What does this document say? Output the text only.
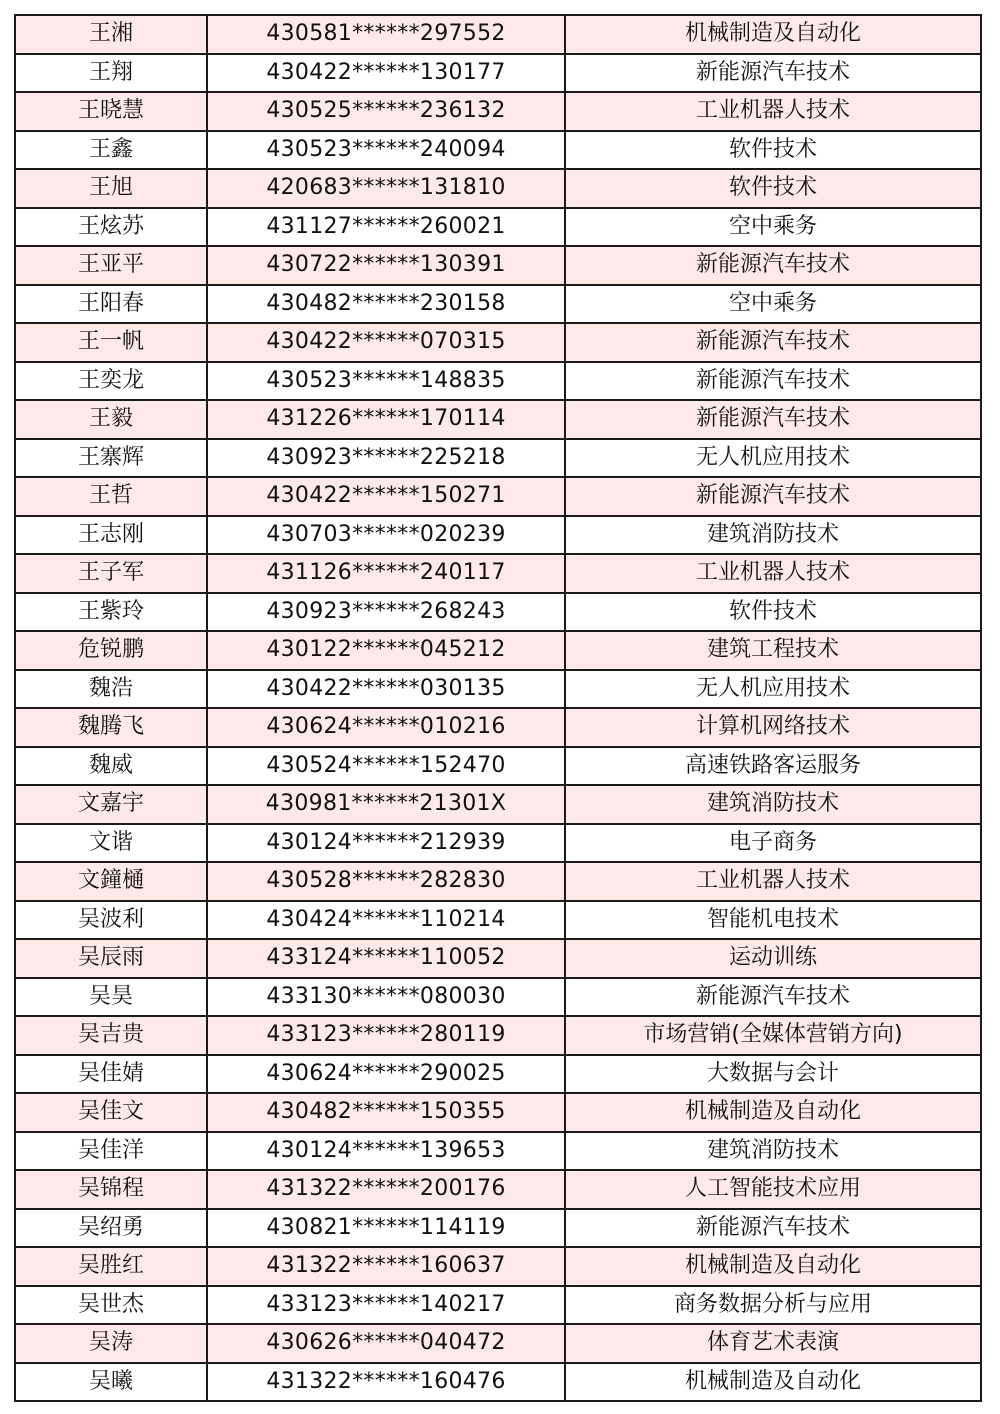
王湘	430581******297552	机械制造及自动化
王翔	430422******130177	新能源汽车技术
王晓慧	430525******236132	工业机器人技术
王鑫	430523******240094	软件技术
王旭	420683******131810	软件技术
王炫苏	431127******260021	空中乘务
王亚平	430722******130391	新能源汽车技术
王阳春	430482******230158	空中乘务
王一帆	430422******070315	新能源汽车技术
王奕龙	430523******148835	新能源汽车技术
王毅	431226******170114	新能源汽车技术
王寨辉	430923******225218	无人机应用技术
王哲	430422******150271	新能源汽车技术
王志刚	430703******020239	建筑消防技术
王子军	431126******240117	工业机器人技术
王紫玲	430923******268243	软件技术
危锐鹏	430122******045212	建筑工程技术
魏浩	430422******030135	无人机应用技术
魏腾飞	430624******010216	计算机网络技术
魏威	430524******152470	高速铁路客运服务
文嘉宇	430981******21301X	建筑消防技术
文谐	430124******212939	电子商务
文鐘樋	430528******282830	工业机器人技术
吴波利	430424******110214	智能机电技术
吴辰雨	433124******110052	运动训练
吴昊	433130******080030	新能源汽车技术
吴吉贵	433123******280119	市场营销(全媒体营销方向)
吴佳婧	430624******290025	大数据与会计
吴佳文	430482******150355	机械制造及自动化
吴佳洋	430124******139653	建筑消防技术
吴锦程	431322******200176	人工智能技术应用
吴绍勇	430821******114119	新能源汽车技术
吴胜红	431322******160637	机械制造及自动化
吴世杰	433123******140217	商务数据分析与应用
吴涛	430626******040472	体育艺术表演
吴曦	431322******160476	机械制造及自动化
